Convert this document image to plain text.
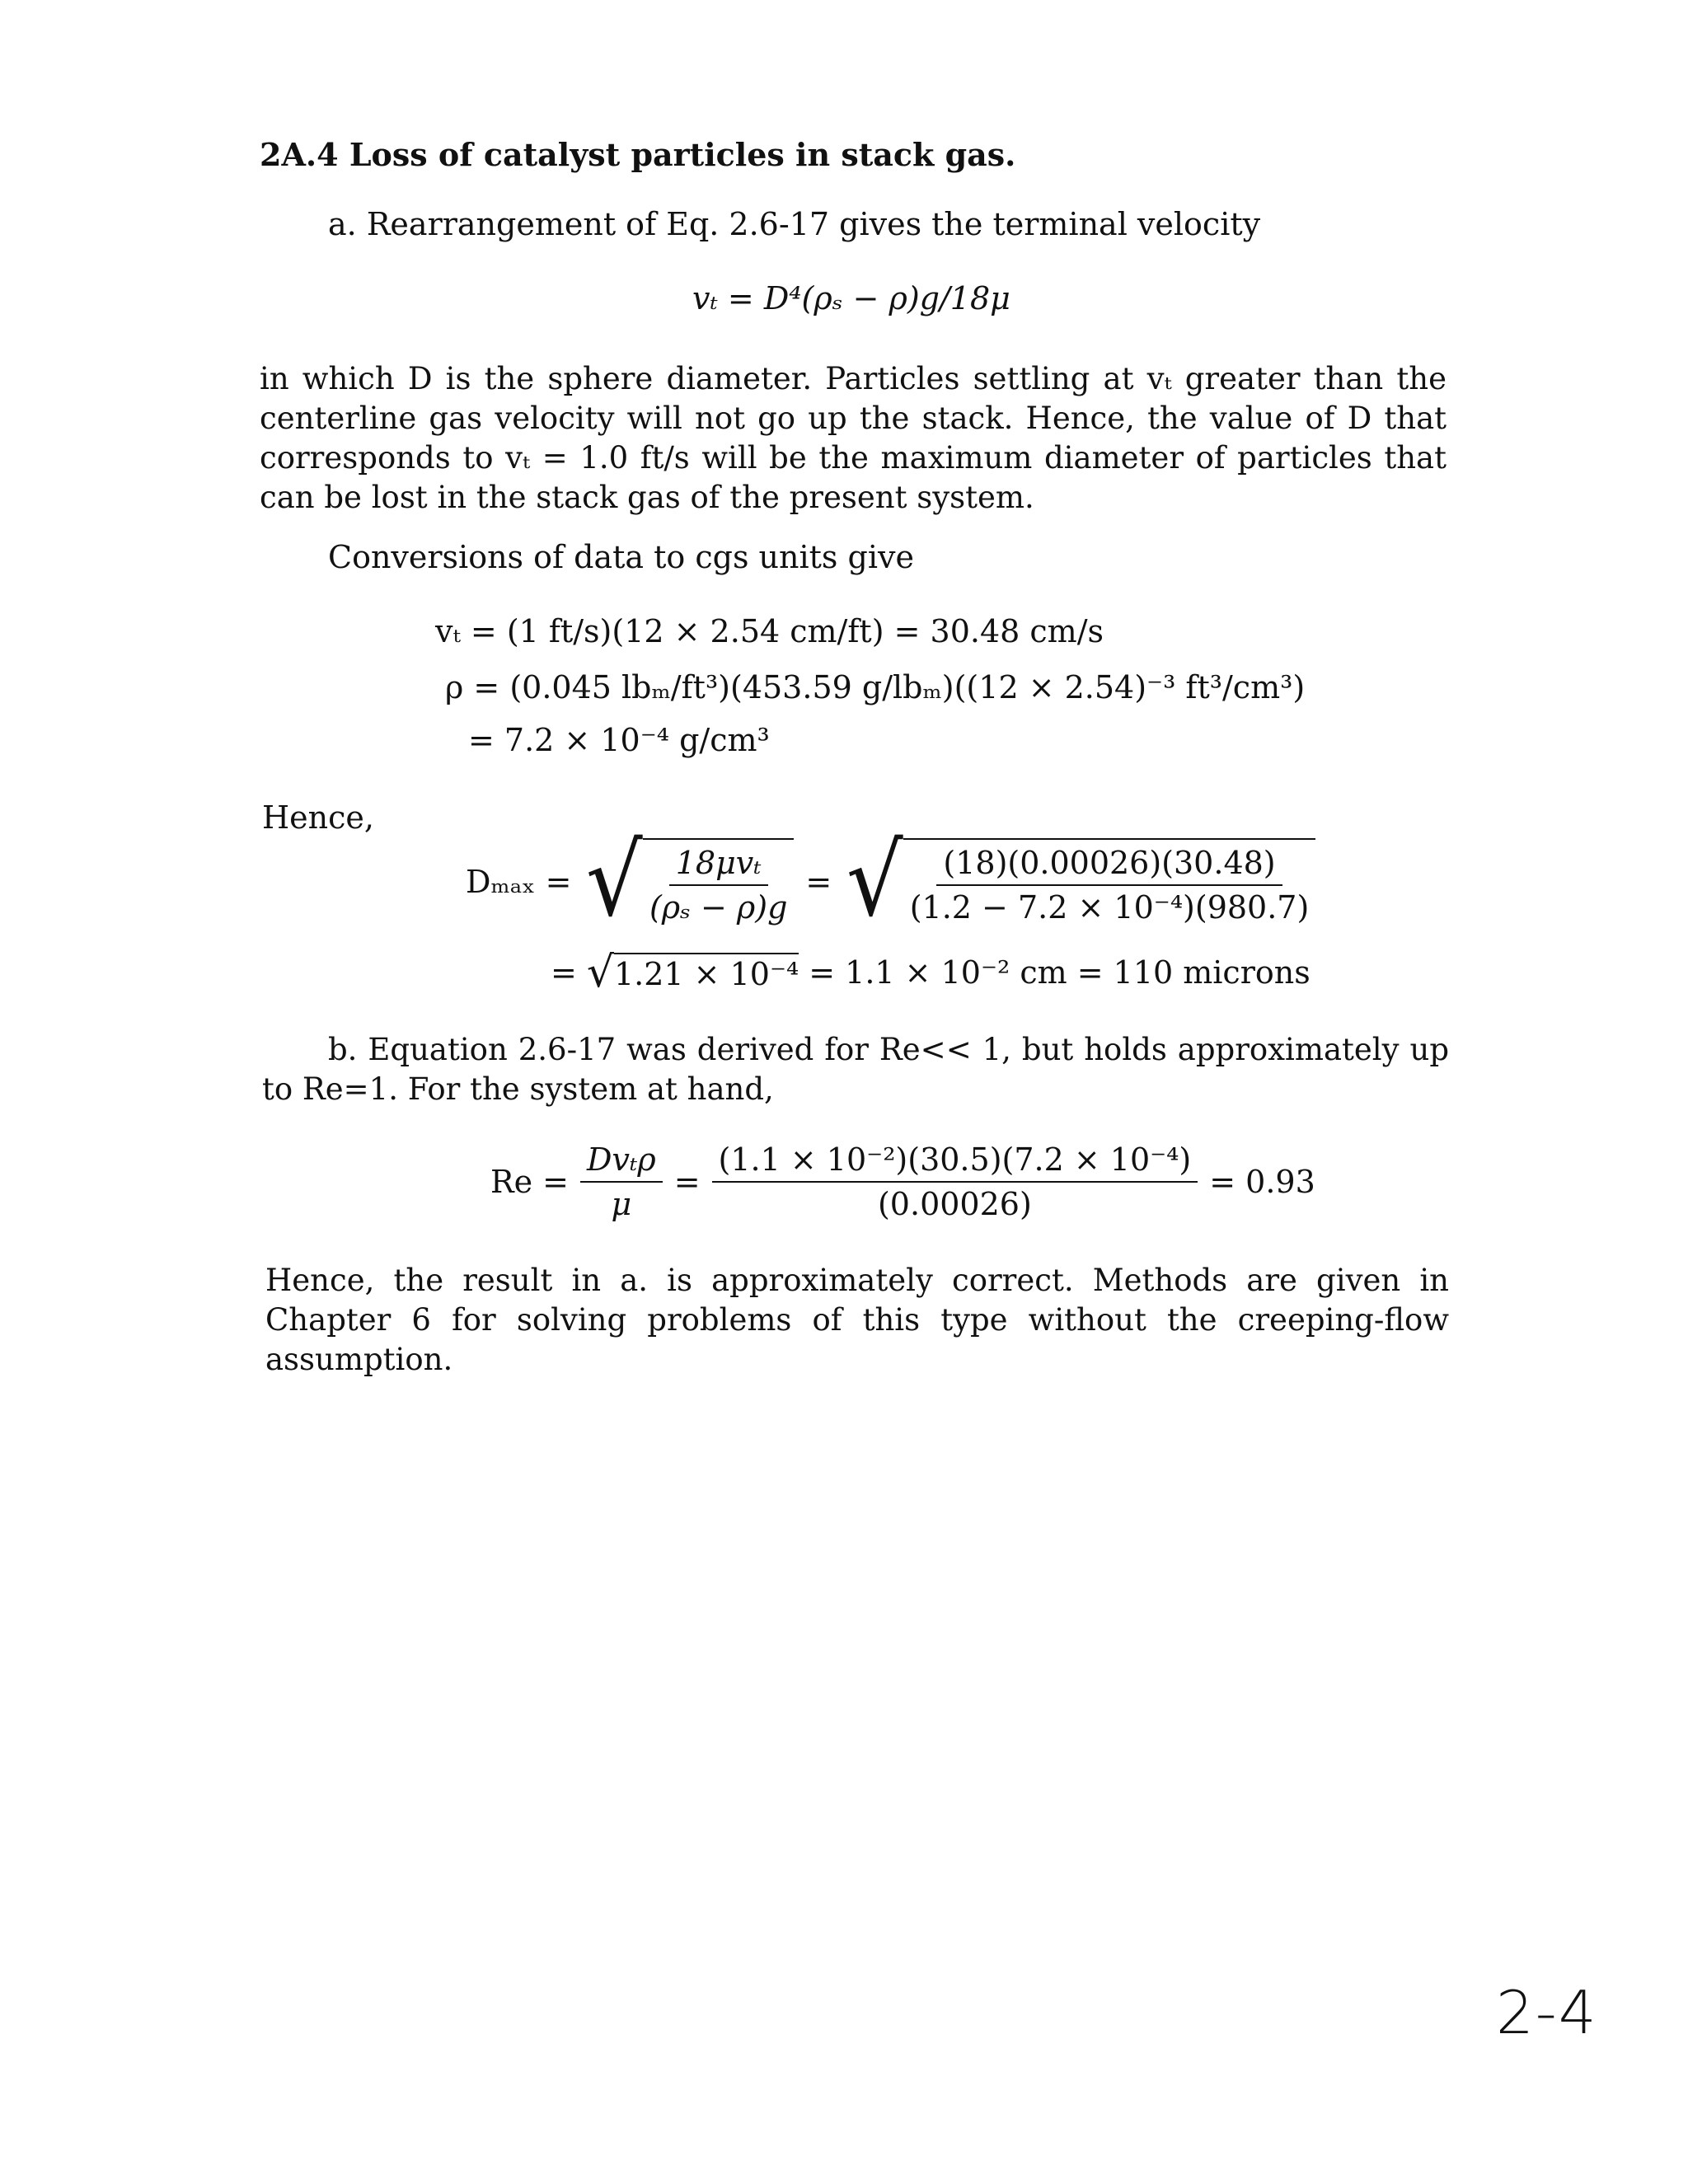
2A.4 Loss of catalyst particles in stack gas.
a. Rearrangement of Eq. 2.6-17 gives the terminal velocity
vₜ = D⁴(ρₛ − ρ)g/18μ
in which D is the sphere diameter. Particles settling at vₜ greater than the centerline gas velocity will not go up the stack. Hence, the value of D that corresponds to vₜ = 1.0 ft/s will be the maximum diameter of particles that can be lost in the stack gas of the present system.
Conversions of data to cgs units give
vₜ = (1 ft/s)(12 × 2.54 cm/ft) = 30.48 cm/s
ρ = (0.045 lbₘ/ft³)(453.59 g/lbₘ)((12 × 2.54)⁻³ ft³/cm³)
= 7.2 × 10⁻⁴ g/cm³
Hence,
Dₘₐₓ = √ $\frac{\text{18μvₜ}}{\text{(ρₛ − ρ)g}}$ = √ $\frac{(18)(0.00026)(30.48)}{\text{(1.2 − 7.2 × 10⁻⁴)(980.7)}}$
= √ 1.21 × 10⁻⁴ = 1.1 × 10⁻² cm = 110 microns
b. Equation 2.6-17 was derived for Re<< 1, but holds approximately up to Re=1. For the system at hand,
$Re = \frac{\text{Dvₜρ}}{\mu} = \frac{\text{(1.1 × 10⁻²)(30.5)(7.2 × 10⁻⁴)}}{(0.00026)} = 0.93$
Hence, the result in a. is approximately correct. Methods are given in Chapter 6 for solving problems of this type without the creeping-flow assumption.
2-4
